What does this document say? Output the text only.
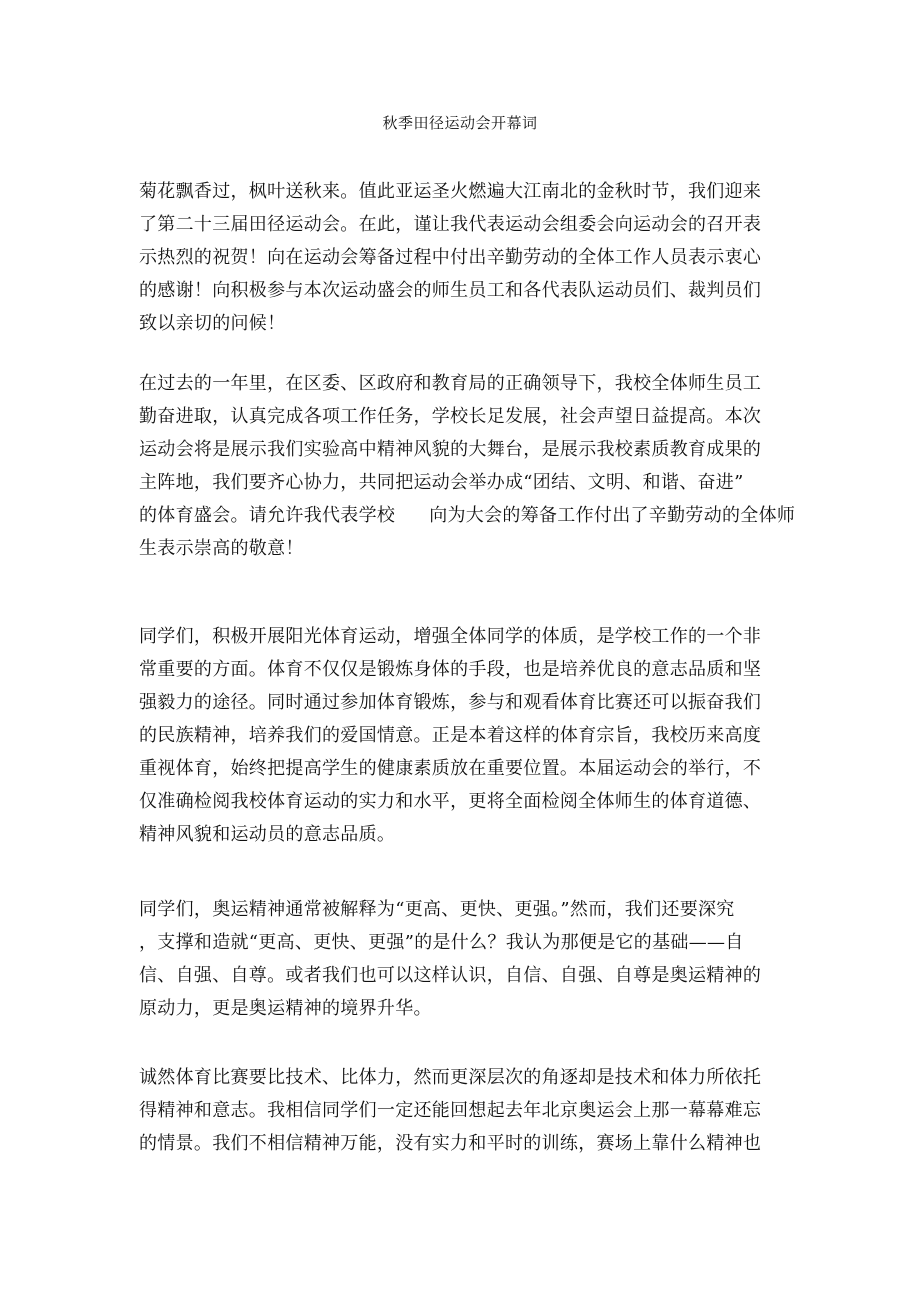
秋季田径运动会开幕词
菊花飘香过，枫叶送秋来。值此亚运圣火燃遍大江南北的金秋时节，我们迎来
了第二十三届田径运动会。在此，谨让我代表运动会组委会向运动会的召开表
示热烈的祝贺！向在运动会筹备过程中付出辛勤劳动的全体工作人员表示衷心
的感谢！向积极参与本次运动盛会的师生员工和各代表队运动员们、裁判员们
致以亲切的问候！
在过去的一年里，在区委、区政府和教育局的正确领导下，我校全体师生员工
勤奋进取，认真完成各项工作任务，学校长足发展，社会声望日益提高。本次
运动会将是展示我们实验高中精神风貌的大舞台，是展示我校素质教育成果的
主阵地，我们要齐心协力，共同把运动会举办成“团结、文明、和谐、奋进”
的体育盛会。请允许我代表学校 向为大会的筹备工作付出了辛勤劳动的全体师
生表示崇高的敬意！
同学们，积极开展阳光体育运动，增强全体同学的体质，是学校工作的一个非
常重要的方面。体育不仅仅是锻炼身体的手段，也是培养优良的意志品质和坚
强毅力的途径。同时通过参加体育锻炼，参与和观看体育比赛还可以振奋我们
的民族精神，培养我们的爱国情意。正是本着这样的体育宗旨，我校历来高度
重视体育，始终把提高学生的健康素质放在重要位置。本届运动会的举行，不
仅准确检阅我校体育运动的实力和水平，更将全面检阅全体师生的体育道德、
精神风貌和运动员的意志品质。
同学们，奥运精神通常被解释为“更高、更快、更强。”然而，我们还要深究
，支撑和造就“更高、更快、更强”的是什么？我认为那便是它的基础——自
信、自强、自尊。或者我们也可以这样认识，自信、自强、自尊是奥运精神的
原动力，更是奥运精神的境界升华。
诚然体育比赛要比技术、比体力，然而更深层次的角逐却是技术和体力所依托
得精神和意志。我相信同学们一定还能回想起去年北京奥运会上那一幕幕难忘
的情景。我们不相信精神万能，没有实力和平时的训练，赛场上靠什么精神也
